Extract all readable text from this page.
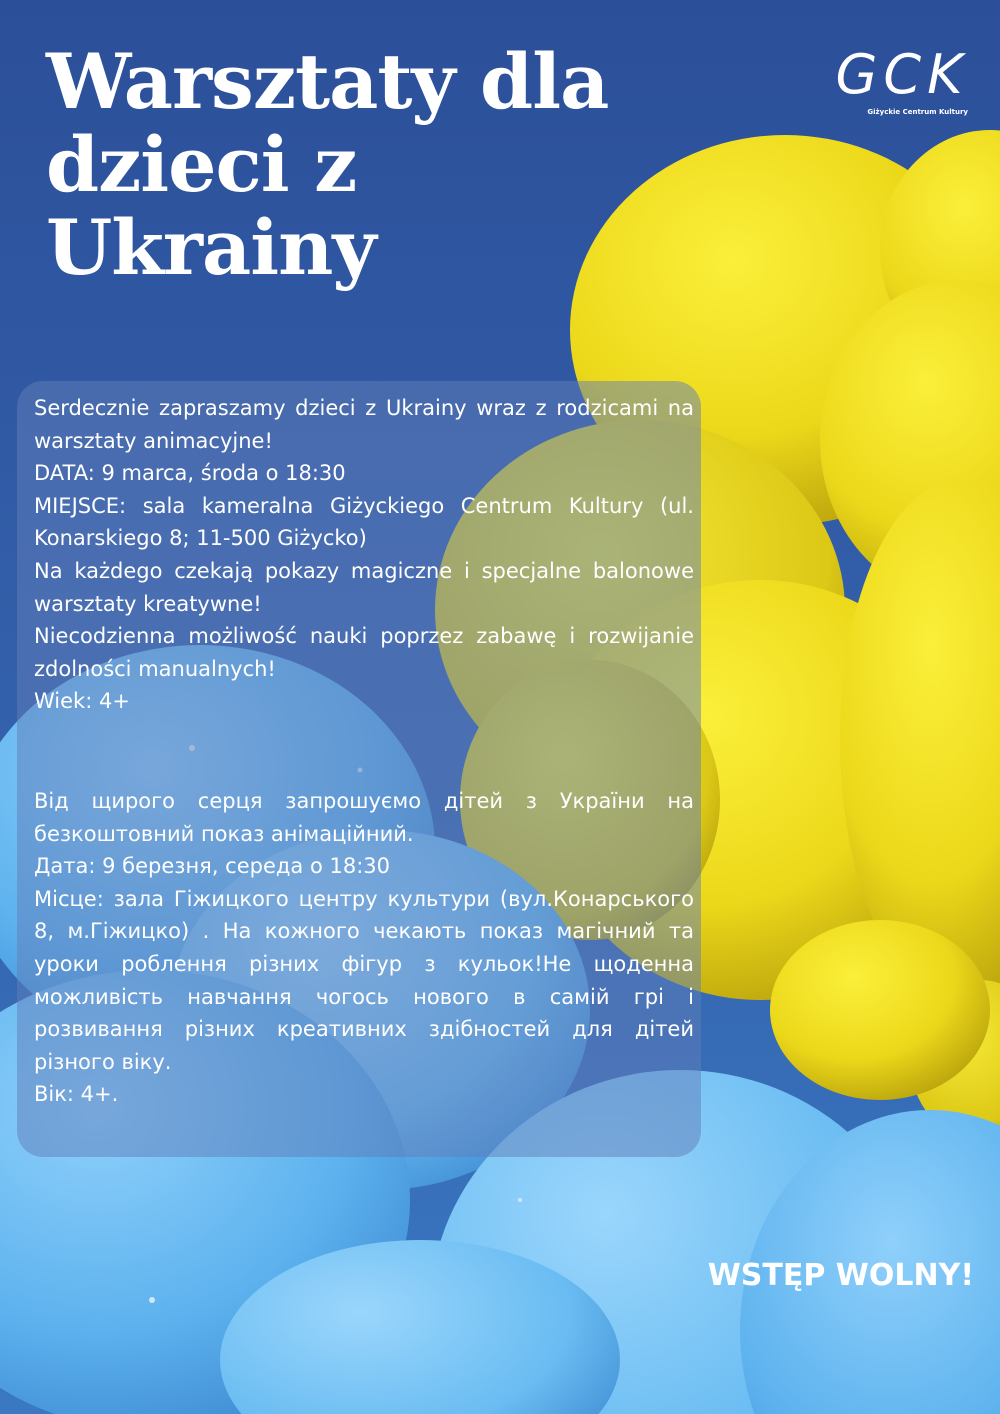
Warsztaty dla dzieci z Ukrainy
GCK
Giżyckie Centrum Kultury

Serdecznie zapraszamy dzieci z Ukrainy wraz z rodzicami na warsztaty animacyjne!

DATA: 9 marca, środa o 18:30

MIEJSCE: sala kameralna Giżyckiego Centrum Kultury (ul. Konarskiego 8; 11-500 Giżycko)

Na każdego czekają pokazy magiczne i specjalne balonowe warsztaty kreatywne!

Niecodzienna możliwość nauki poprzez zabawę i rozwijanie zdolności manualnych!

Wiek: 4+

Від щирого серця запрошуємо дітей з України на безкоштовний показ анімаційний.

Дата: 9 березня, середа о 18:30

Місце: зала Гіжицкого центру культури (вул.Конарського 8, м.Гіжицко) . На кожного чекають показ магічний та уроки роблення різних фігур з кульок!Не щоденна можливість навчання чогось нового в самій грі і розвивання різних креативних здібностей для дітей різного віку.

Вік: 4+.

WSTĘP WOLNY!
